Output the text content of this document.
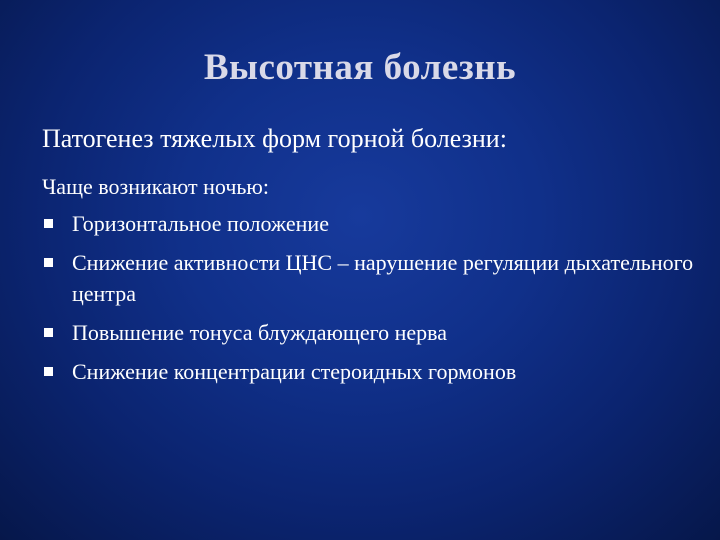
Высотная болезнь
Патогенез тяжелых форм горной болезни:
Чаще возникают ночью:
Горизонтальное положение
Снижение активности ЦНС – нарушение регуляции дыхательного центра
Повышение тонуса блуждающего нерва
Снижение концентрации стероидных гормонов
